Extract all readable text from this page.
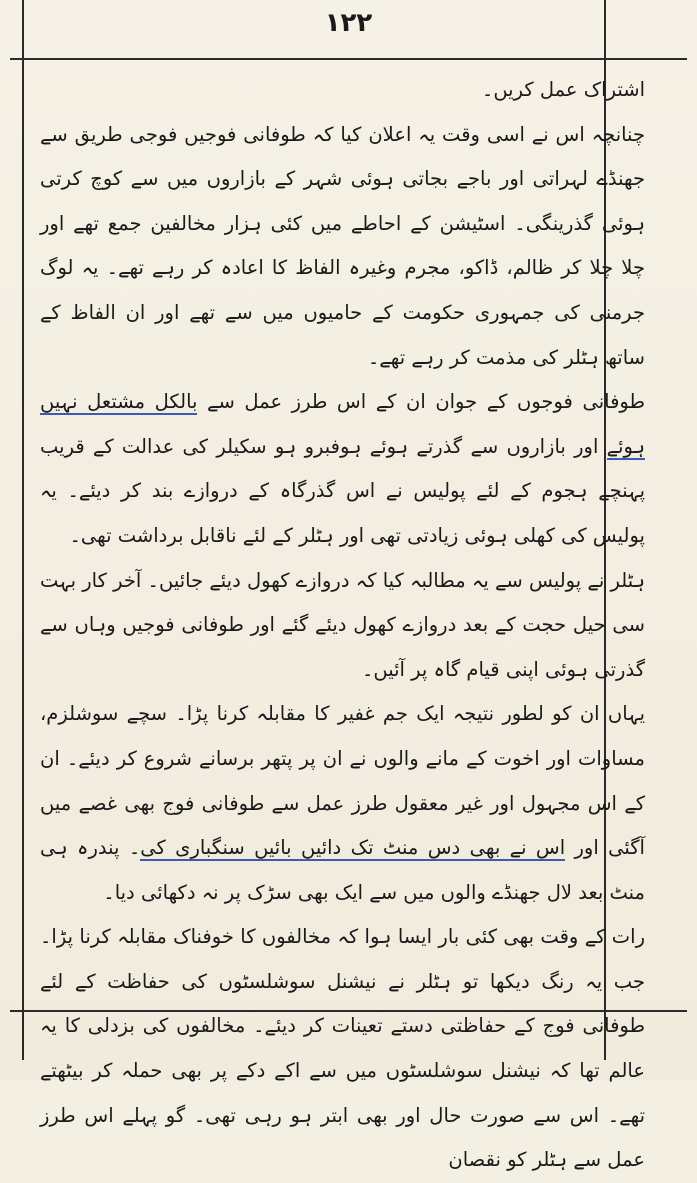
۱۲۲

اشتراک عمل کریں۔

چنانچہ اس نے اسی وقت یہ اعلان کیا کہ طوفانی فوجیں فوجی طریق سے جھنڈے لہراتی اور باجے بجاتی ہوئی شہر کے بازاروں میں سے کوچ کرتی ہوئی گذرینگی۔ اسٹیشن کے احاطے میں کئی ہزار مخالفین جمع تھے اور چلا چلا کر ظالم، ڈاکو، مجرم وغیرہ الفاظ کا اعادہ کر رہے تھے۔ یہ لوگ جرمنی کی جمہوری حکومت کے حامیوں میں سے تھے اور ان الفاظ کے ساتھ ہٹلر کی مذمت کر رہے تھے۔

طوفانی فوجوں کے جوان ان کے اس طرز عمل سے بالکل مشتعل نہیں ہوئے اور بازاروں سے گذرتے ہوئے ہوفبرو ہو سکیلر کی عدالت کے قریب پہنچے ہجوم کے لئے پولیس نے اس گذرگاہ کے دروازے بند کر دیئے۔ یہ پولیس کی کھلی ہوئی زیادتی تھی اور ہٹلر کے لئے ناقابل برداشت تھی۔

ہٹلر نے پولیس سے یہ مطالبہ کیا کہ دروازے کھول دیئے جائیں۔ آخر کار بہت سی حیل حجت کے بعد دروازے کھول دیئے گئے اور طوفانی فوجیں وہاں سے گذرتی ہوئی اپنی قیام گاہ پر آئیں۔

یہاں ان کو لطور نتیجہ ایک جم غفیر کا مقابلہ کرنا پڑا۔ سچے سوشلزم، مساوات اور اخوت کے مانے والوں نے ان پر پتھر برسانے شروع کر دیئے۔ ان کے اس مجہول اور غیر معقول طرز عمل سے طوفانی فوج بھی غصے میں آگئی اور اس نے بھی دس منٹ تک دائیں بائیں سنگباری کی۔ پندرہ ہی منٹ بعد لال جھنڈے والوں میں سے ایک بھی سڑک پر نہ دکھائی دیا۔

رات کے وقت بھی کئی بار ایسا ہوا کہ مخالفوں کا خوفناک مقابلہ کرنا پڑا۔ جب یہ رنگ دیکھا تو ہٹلر نے نیشنل سوشلسٹوں کی حفاظت کے لئے طوفانی فوج کے حفاظتی دستے تعینات کر دیئے۔ مخالفوں کی بزدلی کا یہ عالم تھا کہ نیشنل سوشلسٹوں میں سے اکے دکے پر بھی حملہ کر بیٹھتے تھے۔ اس سے صورت حال اور بھی ابتر ہو رہی تھی۔ گو پہلے اس طرز عمل سے ہٹلر کو نقصان
